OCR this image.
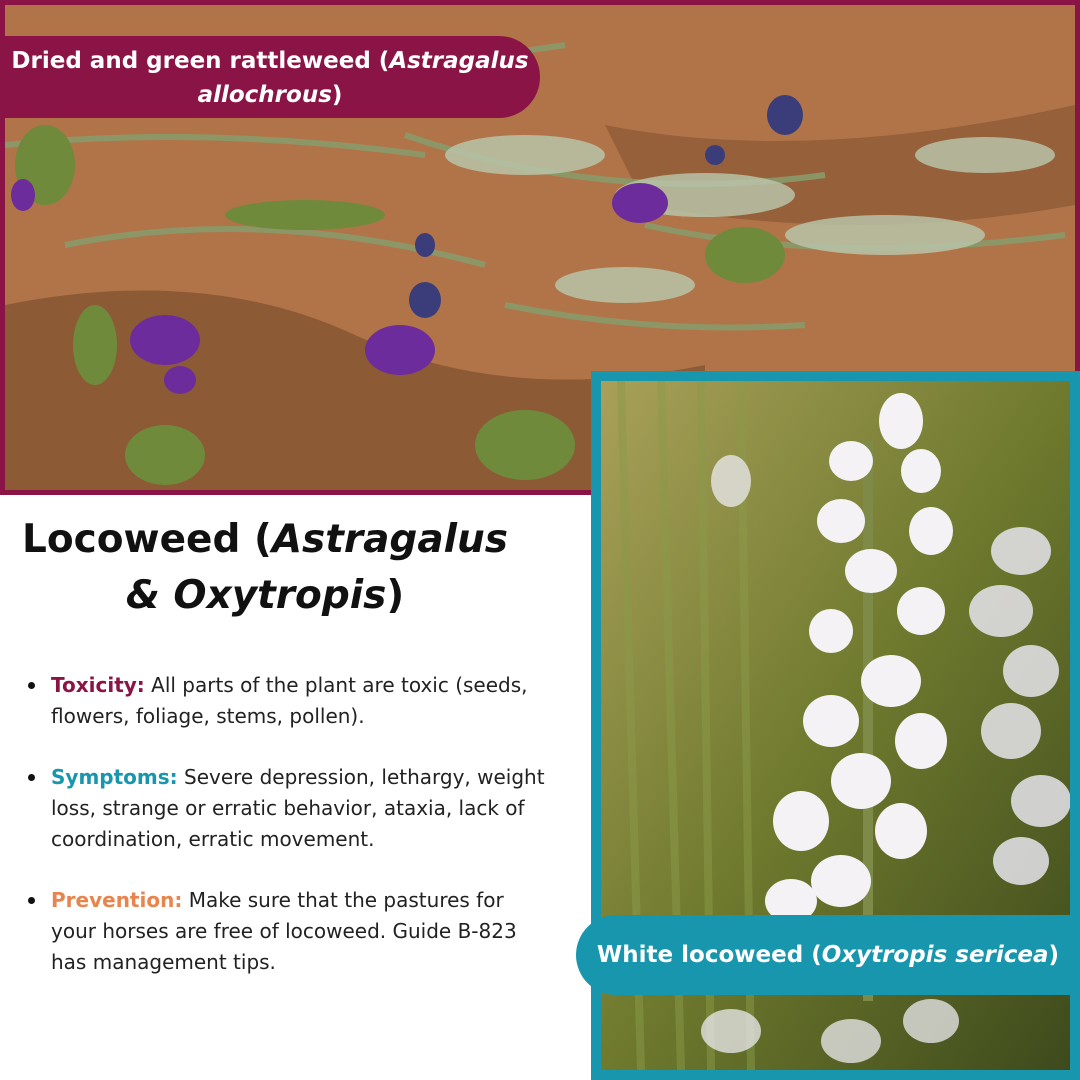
Dried and green rattleweed (Astragalus allochrous)
Locoweed (Astragalus & Oxytropis)
Toxicity: All parts of the plant are toxic (seeds, flowers, foliage, stems, pollen).
Symptoms: Severe depression, lethargy, weight loss, strange or erratic behavior, ataxia, lack of coordination, erratic movement.
Prevention: Make sure that the pastures for your horses are free of locoweed. Guide B-823 has management tips.	White locoweed (Oxytropis sericea)
